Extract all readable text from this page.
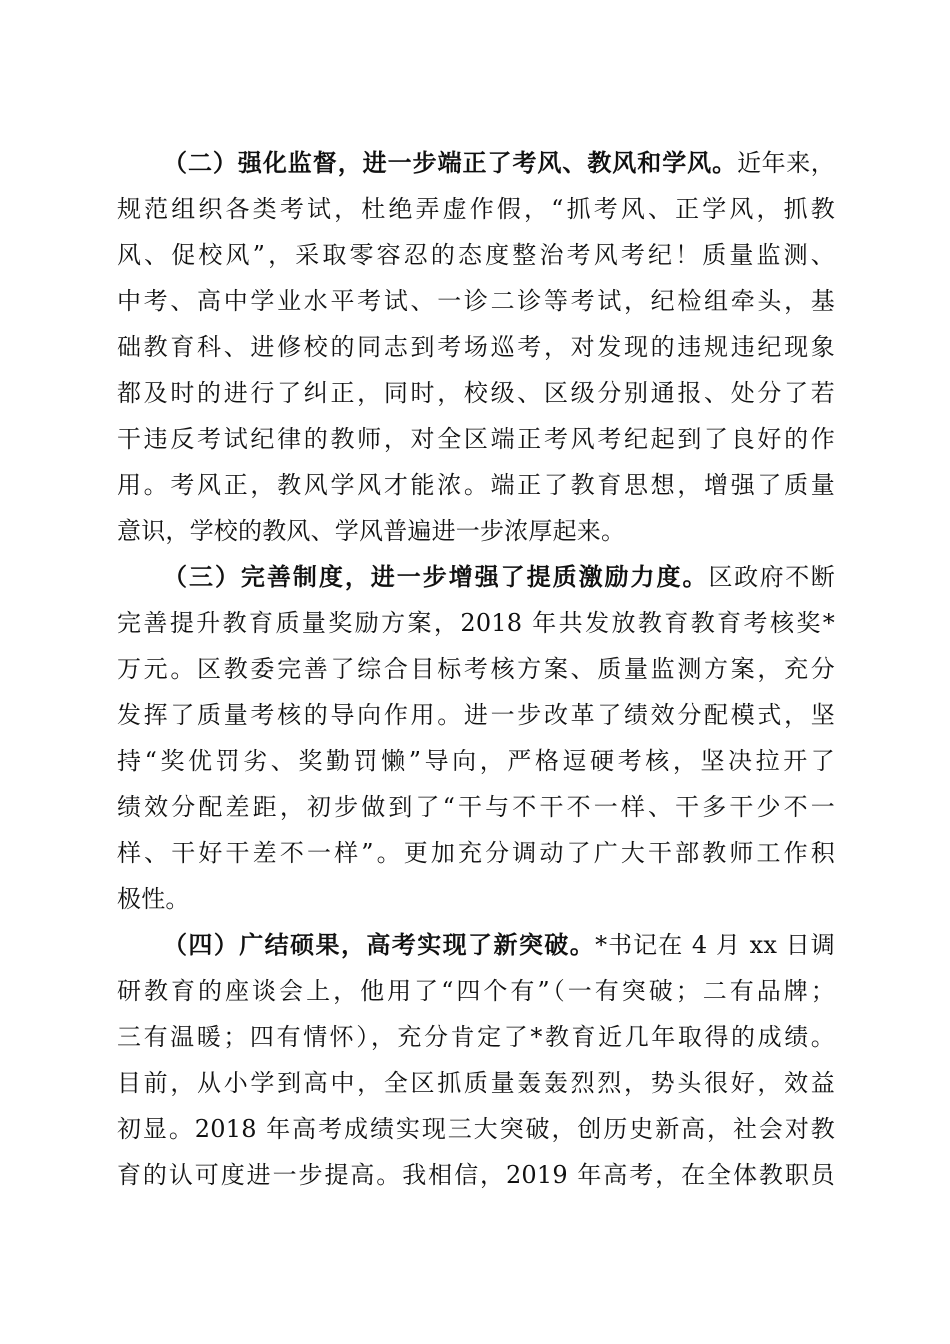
（二）强化监督，进一步端正了考风、教风和学风。近年来，
规范组织各类考试，杜绝弄虚作假，“抓考风、正学风，抓教
风、促校风”，采取零容忍的态度整治考风考纪！质量监测、
中考、高中学业水平考试、一诊二诊等考试，纪检组牵头，基
础教育科、进修校的同志到考场巡考，对发现的违规违纪现象
都及时的进行了纠正，同时，校级、区级分别通报、处分了若
干违反考试纪律的教师，对全区端正考风考纪起到了良好的作
用。考风正，教风学风才能浓。端正了教育思想，增强了质量
意识，学校的教风、学风普遍进一步浓厚起来。
（三）完善制度，进一步增强了提质激励力度。区政府不断
完善提升教育质量奖励方案，2018 年共发放教育教育考核奖*
万元。区教委完善了综合目标考核方案、质量监测方案，充分
发挥了质量考核的导向作用。进一步改革了绩效分配模式，坚
持“奖优罚劣、奖勤罚懒”导向，严格逗硬考核，坚决拉开了
绩效分配差距，初步做到了“干与不干不一样、干多干少不一
样、干好干差不一样”。更加充分调动了广大干部教师工作积
极性。
（四）广结硕果，高考实现了新突破。*书记在 4 月 xx 日调
研教育的座谈会上，他用了“四个有”（一有突破；二有品牌；
三有温暖；四有情怀），充分肯定了*教育近几年取得的成绩。
目前，从小学到高中，全区抓质量轰轰烈烈，势头很好，效益
初显。2018 年高考成绩实现三大突破，创历史新高，社会对教
育的认可度进一步提高。我相信，2019 年高考，在全体教职员
